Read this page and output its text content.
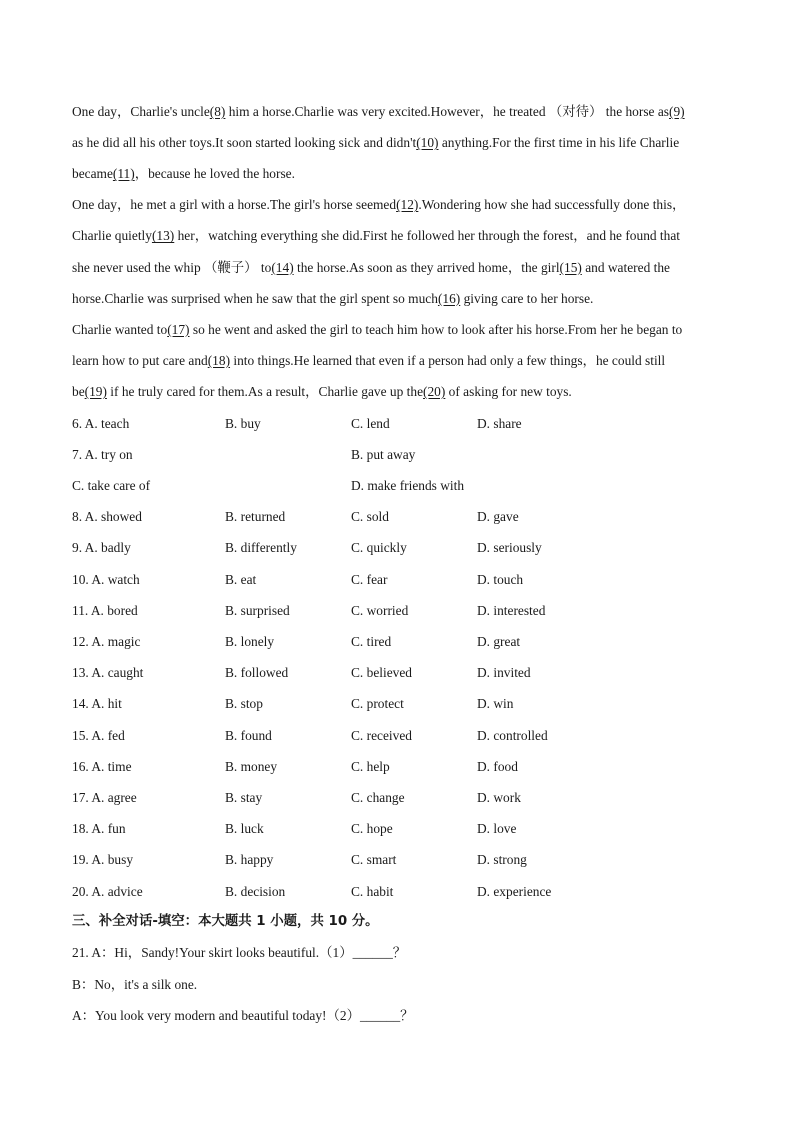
One day，Charlie's uncle(8) him a horse.Charlie was very excited.However，he treated （对待） the horse as(9)
as he did all his other toys.It soon started looking sick and didn't(10) anything.For the first time in his life Charlie
became(11)，because he loved the horse.
One day，he met a girl with a horse.The girl's horse seemed(12).Wondering how she had successfully done this，
Charlie quietly(13) her，watching everything she did.First he followed her through the forest，and he found that
she never used the whip （鞭子） to(14) the horse.As soon as they arrived home，the girl(15) and watered the
horse.Charlie was surprised when he saw that the girl spent so much(16) giving care to her horse.
Charlie wanted to(17) so he went and asked the girl to teach him how to look after his horse.From her he began to
learn how to put care and(18) into things.He learned that even if a person had only a few things，he could still
be(19) if he truly cared for them.As a result，Charlie gave up the(20) of asking for new toys.
7. A. try on	B. put away
C. take care of	D. make friends with
6. A. teach	B. buy	C. lend	D. share
8. A. showed	B. returned	C. sold	D. gave
9. A. badly	B. differently	C. quickly	D. seriously
10. A. watch	B. eat	C. fear	D. touch
11. A. bored	B. surprised	C. worried	D. interested
12. A. magic	B. lonely	C. tired	D. great
13. A. caught	B. followed	C. believed	D. invited
14. A. hit	B. stop	C. protect	D. win
15. A. fed	B. found	C. received	D. controlled
16. A. time	B. money	C. help	D. food
17. A. agree	B. stay	C. change	D. work
18. A. fun	B. luck	C. hope	D. love
19. A. busy	B. happy	C. smart	D. strong
20. A. advice	B. decision	C. habit	D. experience
三、补全对话-填空：本大题共 1 小题，共 10 分。
21. A：Hi，Sandy!Your skirt looks beautiful.（1）______？
B：No，it's a silk one.
A：You look very modern and beautiful today!（2）______？
